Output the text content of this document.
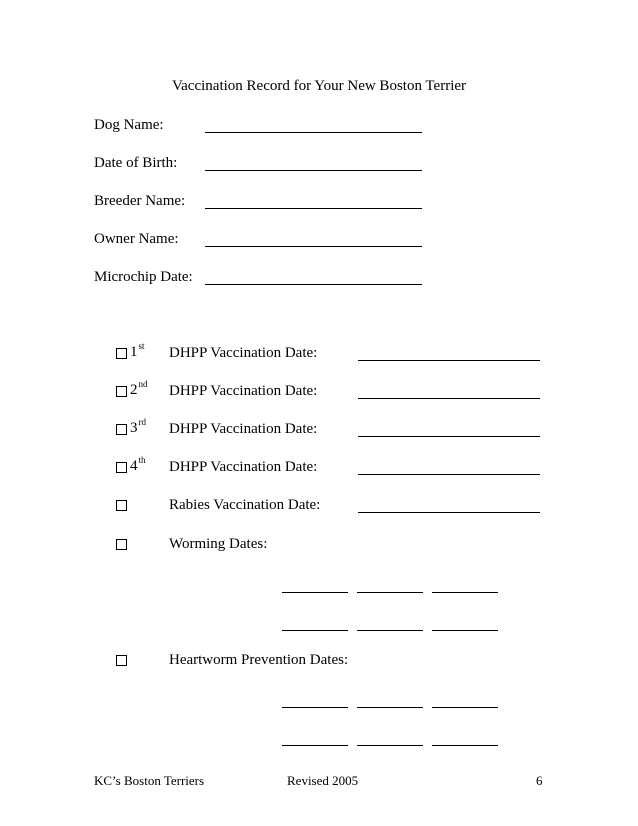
Vaccination Record for Your New Boston Terrier
Dog Name:
Date of Birth:
Breeder Name:
Owner Name:
Microchip Date:
1st DHPP Vaccination Date:
2nd DHPP Vaccination Date:
3rd DHPP Vaccination Date:
4th DHPP Vaccination Date:
Rabies Vaccination Date:
Worming Dates:
Heartworm Prevention Dates:
KC’s Boston Terriers	Revised 2005	6
